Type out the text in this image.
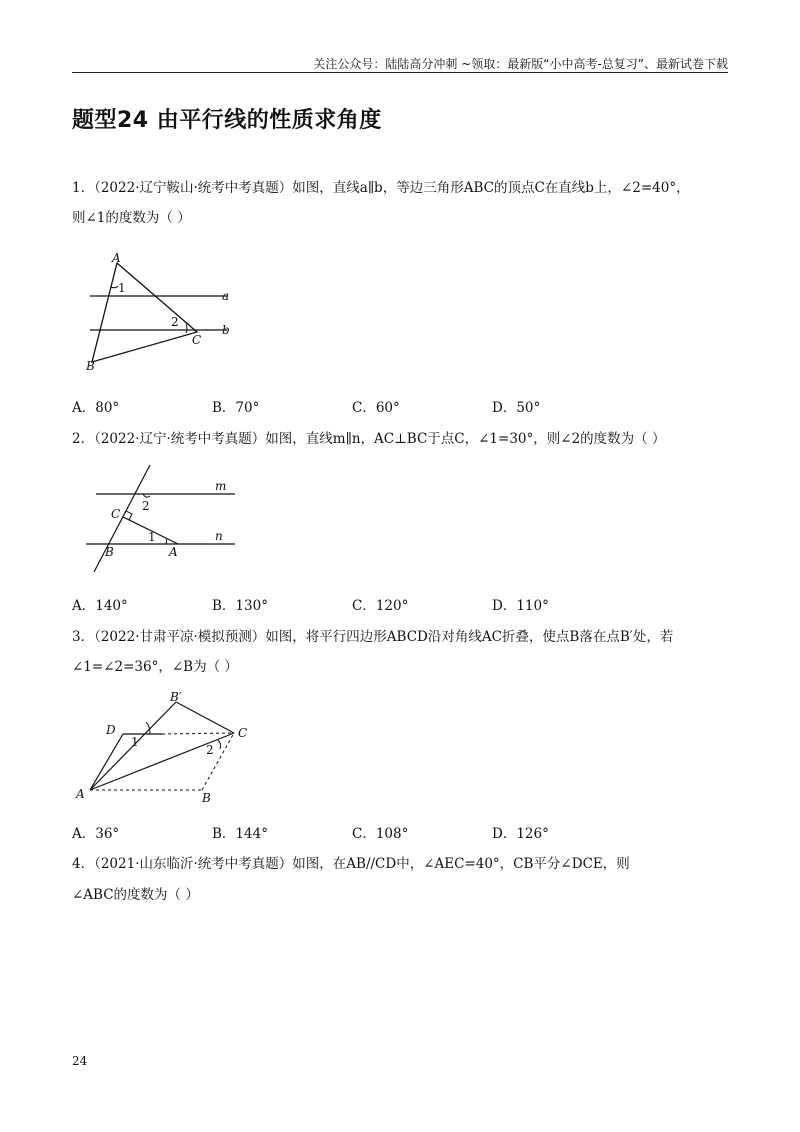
关注公众号：陆陆高分冲刺 ~领取：最新版“小中高考-总复习”、最新试卷下载
题型24 由平行线的性质求角度
1．（2022·辽宁鞍山·统考中考真题）如图，直线a∥b，等边三角形ABC的顶点C在直线b上，∠2=40°，
则∠1的度数为（ ）
A
B
C
a
b
1
2
A．80°	B．70°	C．60°	D．50°
2．（2022·辽宁·统考中考真题）如图，直线m∥n，AC⊥BC于点C，∠1=30°，则∠2的度数为（ ）
m
n
C
B	A
1
2
A．140°	B．130°	C．120°	D．110°
3．（2022·甘肃平凉·模拟预测）如图，将平行四边形ABCD沿对角线AC折叠，使点B落在点B′处，若
∠1=∠2=36°，∠B为（ ）
D
B′
C
A	B
1
2
A．36°	B．144°	C．108°	D．126°
4．（2021·山东临沂·统考中考真题）如图，在AB//CD中，∠AEC=40°，CB平分∠DCE，则
∠ABC的度数为（ ）
24
